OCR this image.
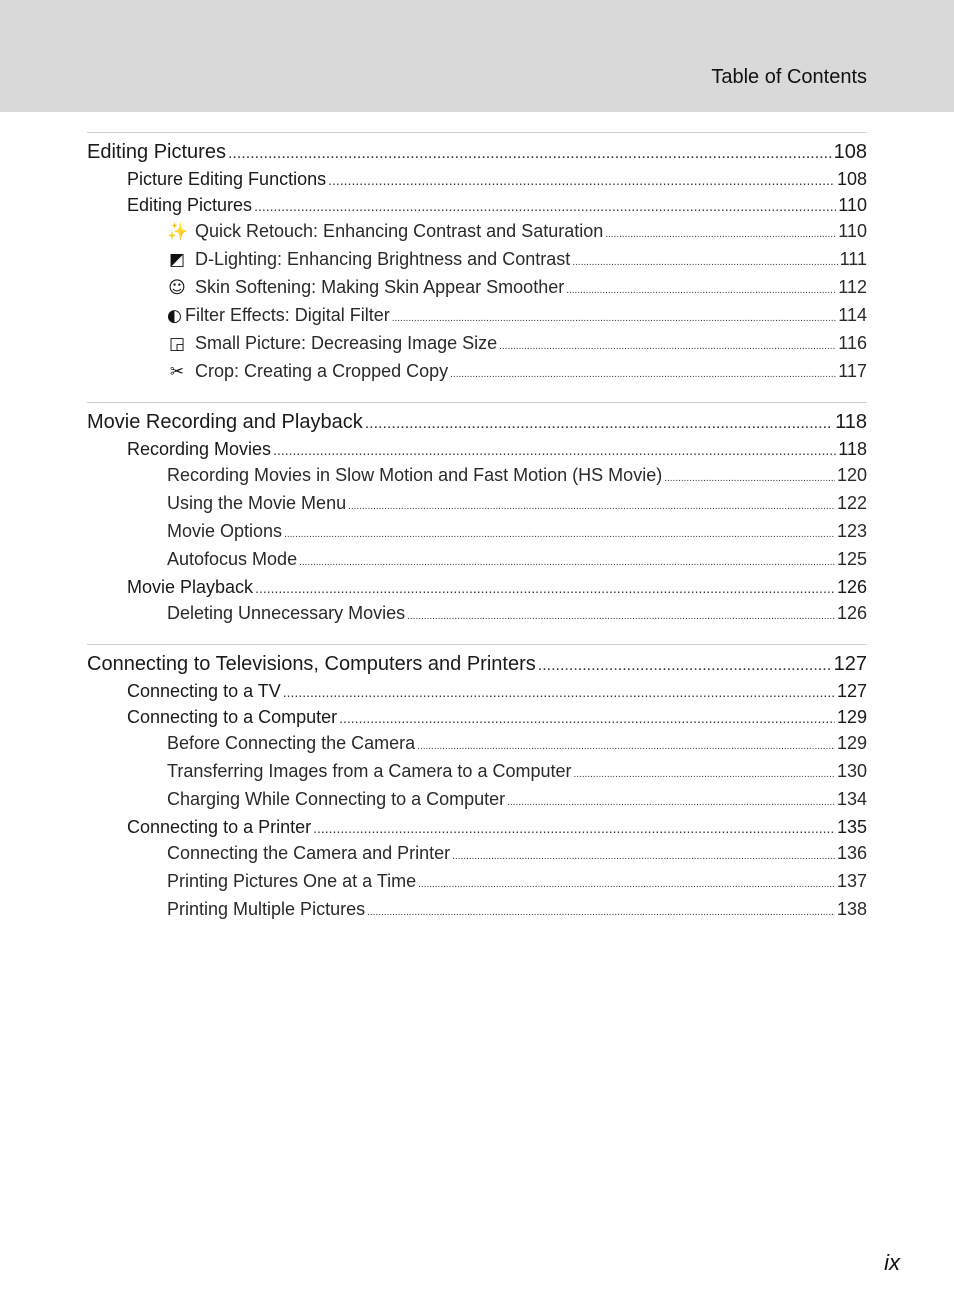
Table of Contents
Editing Pictures .....	108
Picture Editing Functions .....	108
Editing Pictures .....	110
✨ Quick Retouch: Enhancing Contrast and Saturation .....	110
◩ D-Lighting: Enhancing Brightness and Contrast .....	111
☺ Skin Softening: Making Skin Appear Smoother .....	112
◐ Filter Effects: Digital Filter .....	114
◲ Small Picture: Decreasing Image Size .....	116
✂ Crop: Creating a Cropped Copy .....	117
Movie Recording and Playback .....	118
Recording Movies .....	118
Recording Movies in Slow Motion and Fast Motion (HS Movie) .....	120
Using the Movie Menu .....	122
Movie Options .....	123
Autofocus Mode .....	125
Movie Playback .....	126
Deleting Unnecessary Movies .....	126
Connecting to Televisions, Computers and Printers .....	127
Connecting to a TV .....	127
Connecting to a Computer .....	129
Before Connecting the Camera .....	129
Transferring Images from a Camera to a Computer .....	130
Charging While Connecting to a Computer .....	134
Connecting to a Printer .....	135
Connecting the Camera and Printer .....	136
Printing Pictures One at a Time .....	137
Printing Multiple Pictures .....	138
ix
